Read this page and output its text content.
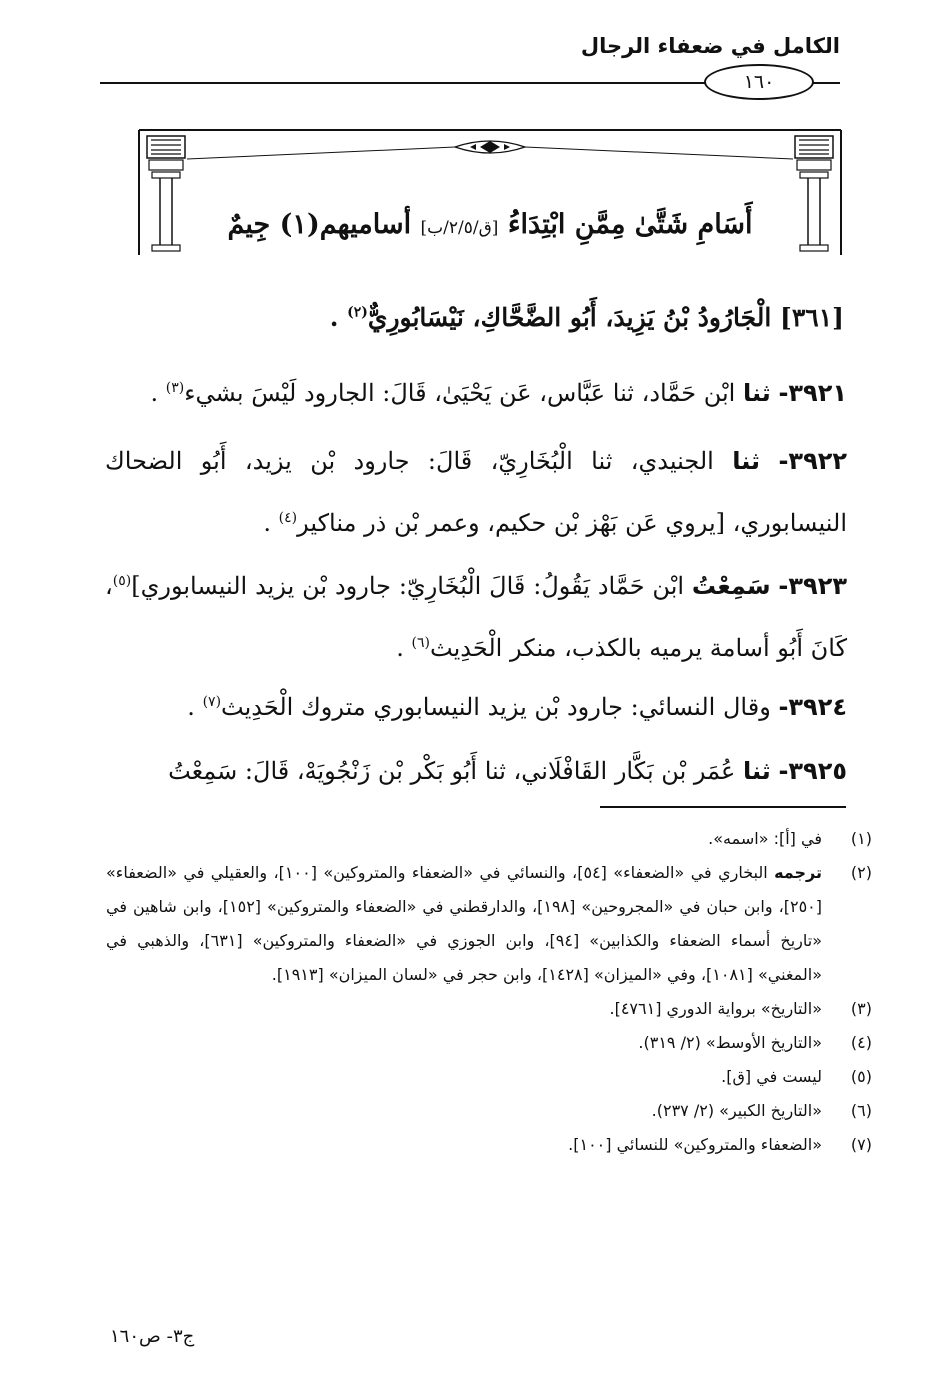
الكامل في ضعفاء الرجال
١٦٠
أَسَامِ شَتَّىٰ مِمَّنِ ابْتِدَاءُ [ق/٢/٥/ب] أساميهم(١) جِيمٌ
[٣٦١] الْجَارُودُ بْنُ يَزِيدَ، أَبُو الضَّحَّاكِ، نَيْسَابُورِيٌّ$^{(٢)}$ .
٣٩٢١- ثنا ابْن حَمَّاد، ثنا عَبَّاس، عَن يَحْيَىٰ، قَالَ: الجارود لَيْسَ بشيء$^{(٣)}$ .
٣٩٢٢- ثنا الجنيدي، ثنا الْبُخَارِيّ، قَالَ: جارود بْن يزيد، أَبُو الضحاك النيسابوري، [يروي عَن بَهْز بْن حكيم، وعمر بْن ذر مناكير$^{(٤)}$ .
٣٩٢٣- سَمِعْتُ ابْن حَمَّاد يَقُولُ: قَالَ الْبُخَارِيّ: جارود بْن يزيد النيسابوري]$^{(٥)}$، كَانَ أَبُو أسامة يرميه بالكذب، منكر الْحَدِيث$^{(٦)}$ .
٣٩٢٤- وقال النسائي: جارود بْن يزيد النيسابوري متروك الْحَدِيث$^{(٧)}$ .
٣٩٢٥- ثنا عُمَر بْن بَكَّار القَافْلَاني، ثنا أَبُو بَكْر بْن زَنْجُويَهْ، قَالَ: سَمِعْتُ
(١)
في [أ]: «اسمه».
(٢)
ترجمه البخاري في «الضعفاء» [٥٤]، والنسائي في «الضعفاء والمتروكين» [١٠٠]، والعقيلي في «الضعفاء» [٢٥٠]، وابن حبان في «المجروحين» [١٩٨]، والدارقطني في «الضعفاء والمتروكين» [١٥٢]، وابن شاهين في «تاريخ أسماء الضعفاء والكذابين» [٩٤]، وابن الجوزي في «الضعفاء والمتروكين» [٦٣١]، والذهبي في «المغني» [١٠٨١]، وفي «الميزان» [١٤٢٨]، وابن حجر في «لسان الميزان» [١٩١٣].
(٣)
«التاريخ» برواية الدوري [٤٧٦١].
(٤)
«التاريخ الأوسط» (٢/ ٣١٩).
(٥)
ليست في [ق].
(٦)
«التاريخ الكبير» (٢/ ٢٣٧).
(٧)
«الضعفاء والمتروكين» للنسائي [١٠٠].
ج٣- ص١٦٠
